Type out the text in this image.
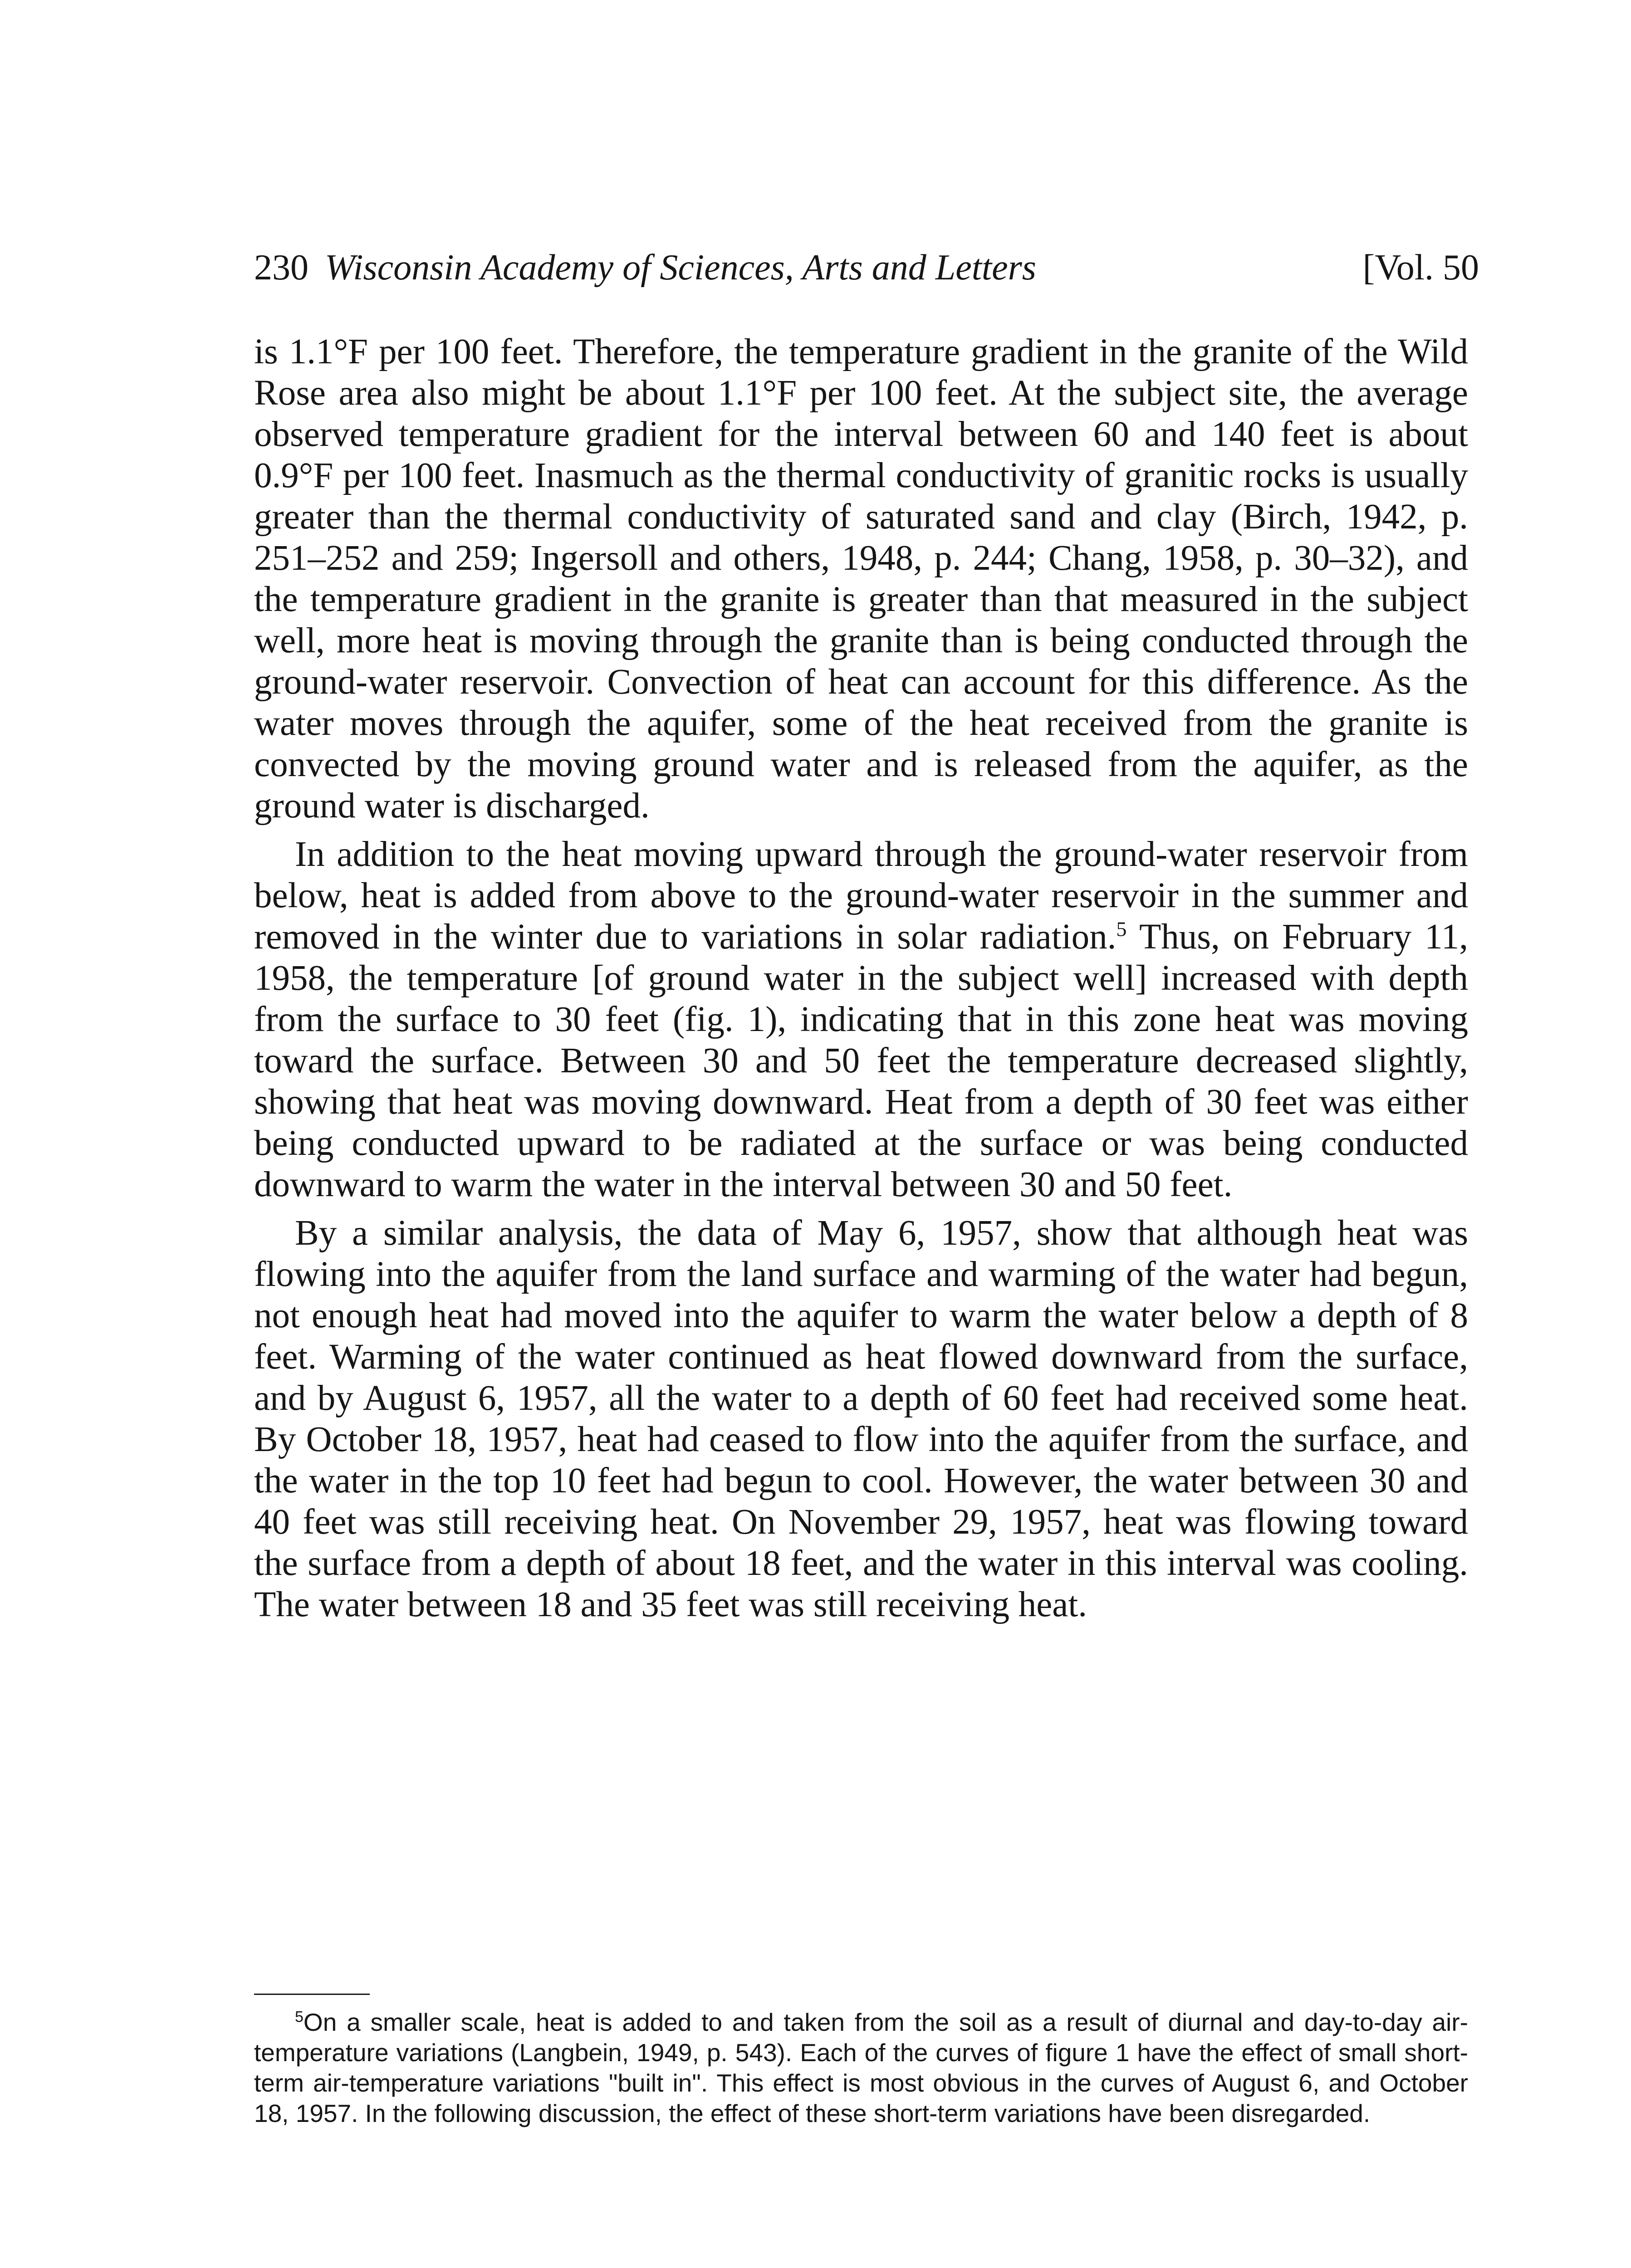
230 Wisconsin Academy of Sciences, Arts and Letters	[Vol. 50

is 1.1°F per 100 feet. Therefore, the temperature gradient in the granite of the Wild Rose area also might be about 1.1°F per 100 feet. At the subject site, the average observed temperature gradient for the interval between 60 and 140 feet is about 0.9°F per 100 feet. Inasmuch as the thermal conductivity of granitic rocks is usually greater than the thermal conductivity of saturated sand and clay (Birch, 1942, p. 251–252 and 259; Ingersoll and others, 1948, p. 244; Chang, 1958, p. 30–32), and the temperature gradient in the granite is greater than that measured in the subject well, more heat is moving through the granite than is being conducted through the ground-water reservoir. Convection of heat can account for this difference. As the water moves through the aquifer, some of the heat received from the granite is convected by the moving ground water and is released from the aquifer, as the ground water is discharged.

In addition to the heat moving upward through the ground-water reservoir from below, heat is added from above to the ground-water reservoir in the summer and removed in the winter due to variations in solar radiation.$^5$ Thus, on February 11, 1958, the temperature [of ground water in the subject well] increased with depth from the surface to 30 feet (fig. 1), indicating that in this zone heat was moving toward the surface. Between 30 and 50 feet the temperature decreased slightly, showing that heat was moving downward. Heat from a depth of 30 feet was either being conducted upward to be radiated at the surface or was being conducted downward to warm the water in the interval between 30 and 50 feet.

By a similar analysis, the data of May 6, 1957, show that although heat was flowing into the aquifer from the land surface and warming of the water had begun, not enough heat had moved into the aquifer to warm the water below a depth of 8 feet. Warming of the water continued as heat flowed downward from the surface, and by August 6, 1957, all the water to a depth of 60 feet had received some heat. By October 18, 1957, heat had ceased to flow into the aquifer from the surface, and the water in the top 10 feet had begun to cool. However, the water between 30 and 40 feet was still receiving heat. On November 29, 1957, heat was flowing toward the surface from a depth of about 18 feet, and the water in this interval was cooling. The water between 18 and 35 feet was still receiving heat.

$^5$On a smaller scale, heat is added to and taken from the soil as a result of diurnal and day-to-day air-temperature variations (Langbein, 1949, p. 543). Each of the curves of figure 1 have the effect of small short-term air-temperature variations "built in". This effect is most obvious in the curves of August 6, and October 18, 1957. In the following discussion, the effect of these short-term variations have been disregarded.
